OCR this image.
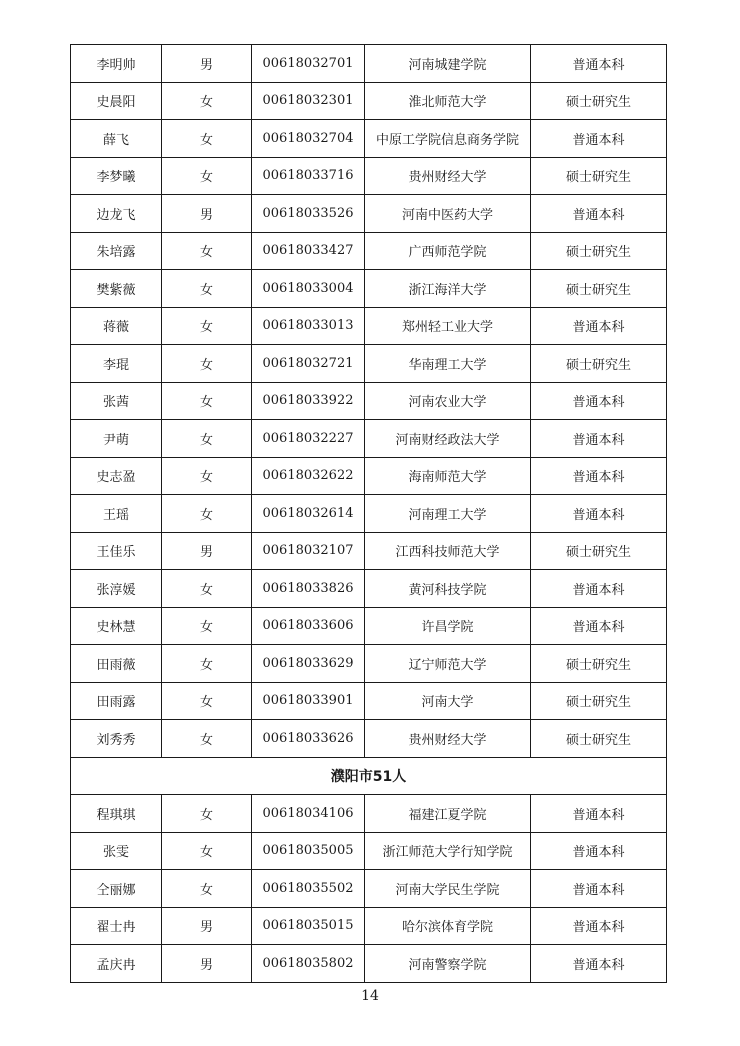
李明帅	男	00618032701	河南城建学院	普通本科
史晨阳	女	00618032301	淮北师范大学	硕士研究生
薛飞	女	00618032704	中原工学院信息商务学院	普通本科
李梦曦	女	00618033716	贵州财经大学	硕士研究生
边龙飞	男	00618033526	河南中医药大学	普通本科
朱培露	女	00618033427	广西师范学院	硕士研究生
樊紫薇	女	00618033004	浙江海洋大学	硕士研究生
蒋薇	女	00618033013	郑州轻工业大学	普通本科
李琨	女	00618032721	华南理工大学	硕士研究生
张茜	女	00618033922	河南农业大学	普通本科
尹萌	女	00618032227	河南财经政法大学	普通本科
史志盈	女	00618032622	海南师范大学	普通本科
王瑶	女	00618032614	河南理工大学	普通本科
王佳乐	男	00618032107	江西科技师范大学	硕士研究生
张淳媛	女	00618033826	黄河科技学院	普通本科
史林慧	女	00618033606	许昌学院	普通本科
田雨薇	女	00618033629	辽宁师范大学	硕士研究生
田雨露	女	00618033901	河南大学	硕士研究生
刘秀秀	女	00618033626	贵州财经大学	硕士研究生
濮阳市51人				
程琪琪	女	00618034106	福建江夏学院	普通本科
张雯	女	00618035005	浙江师范大学行知学院	普通本科
仝丽娜	女	00618035502	河南大学民生学院	普通本科
翟士冉	男	00618035015	哈尔滨体育学院	普通本科
孟庆冉	男	00618035802	河南警察学院	普通本科
14
